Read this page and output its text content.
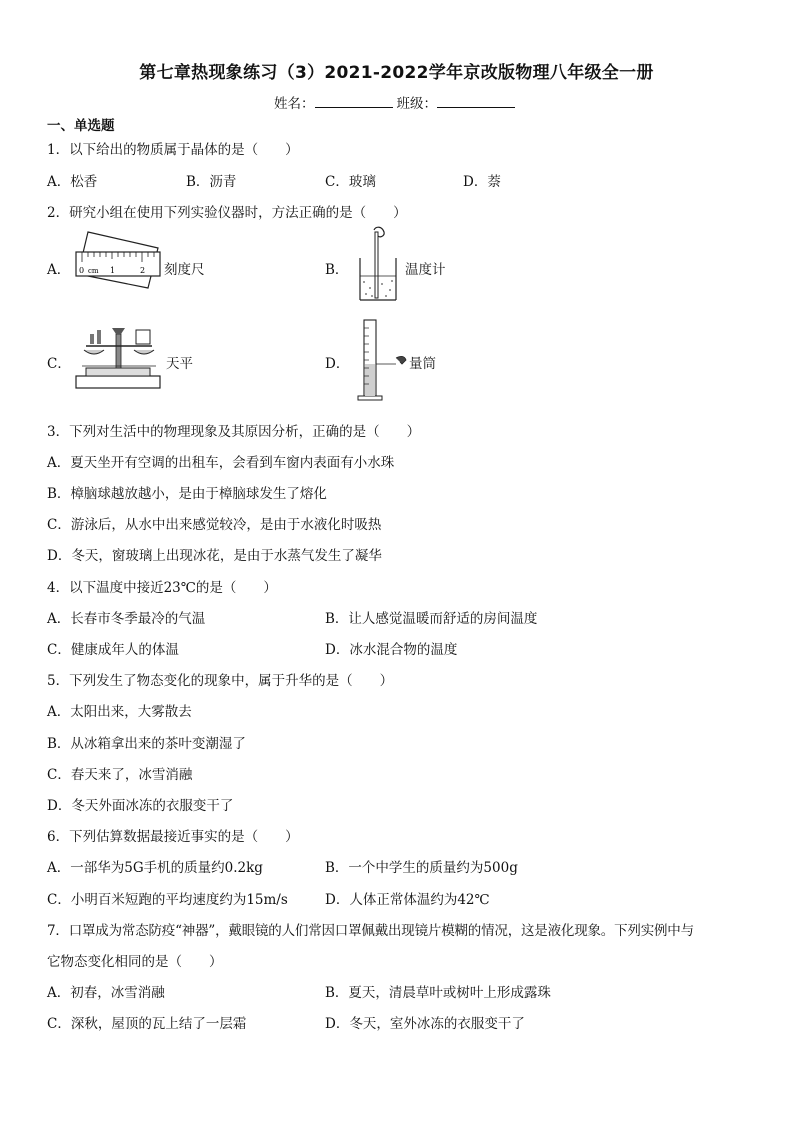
第七章热现象练习（3）2021-2022学年京改版物理八年级全一册
姓名：	班级：
一、单选题
1．以下给出的物质属于晶体的是（　　）
A．松香	B．沥青	C．玻璃	D．萘
2．研究小组在使用下列实验仪器时，方法正确的是（　　）
A． 0 cm 1	2 刻度尺	B．	温度计
C．	天平	D．	量筒
3．下列对生活中的物理现象及其原因分析，正确的是（　　）
A．夏天坐开有空调的出租车，会看到车窗内表面有小水珠
B．樟脑球越放越小，是由于樟脑球发生了熔化
C．游泳后，从水中出来感觉较冷，是由于水液化时吸热
D．冬天，窗玻璃上出现冰花，是由于水蒸气发生了凝华
4．以下温度中接近23℃的是（　　）
A．长春市冬季最冷的气温	B．让人感觉温暖而舒适的房间温度
C．健康成年人的体温	D．冰水混合物的温度
5．下列发生了物态变化的现象中，属于升华的是（　　）
A．太阳出来，大雾散去
B．从冰箱拿出来的茶叶变潮湿了
C．春天来了，冰雪消融
D．冬天外面冰冻的衣服变干了
6．下列估算数据最接近事实的是（　　）
A．一部华为5G手机的质量约0.2kg	B．一个中学生的质量约为500g
C．小明百米短跑的平均速度约为15m/s	D．人体正常体温约为42℃
7．口罩成为常态防疫“神器”，戴眼镜的人们常因口罩佩戴出现镜片模糊的情况，这是液化现象。下列实例中与
它物态变化相同的是（　　）
A．初春，冰雪消融	B．夏天，清晨草叶或树叶上形成露珠
C．深秋，屋顶的瓦上结了一层霜	D．冬天，室外冰冻的衣服变干了
